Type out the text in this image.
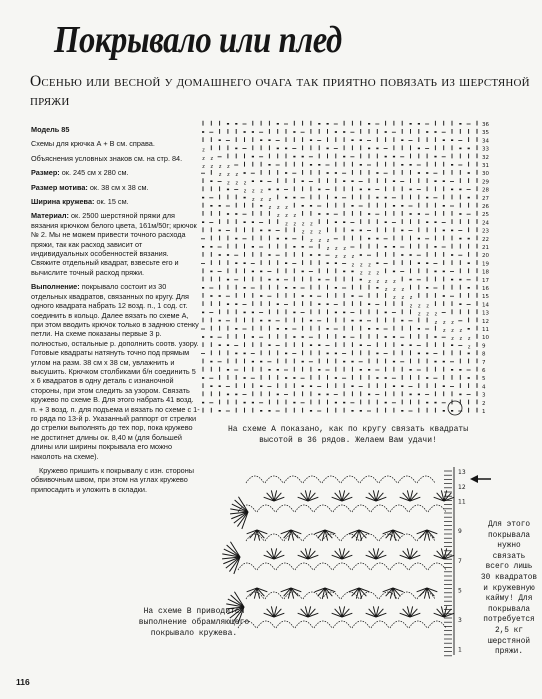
Покрывало или плед
Осенью или весной у домашнего очага так приятно повязать из шерстяной пряжи

Модель 85

Схемы для крючка А + В см. справа.

Объяснения условных знаков см. на стр. 84.

Размер: ок. 245 см х 280 см.

Размер мотива: ок. 38 см х 38 см.

Ширина кружева: ок. 15 см.

Материал: ок. 2500 шерстяной пряжи для вязания крючком белого цвета, 161м/50г; крючок № 2. Мы не можем привести точного расхода пряжи, так как расход зависит от индивидуальных особенностей вязания. Свяжите отдельный квадрат, взвесьте его и вычислите точный расход пряжи.

Выполнение: покрывало состоит из 30 отдельных квадратов, связанных по кругу. Для одного квадрата набрать 12 возд. п., 1 сод. ст. соединить в кольцо. Далее вязать по схеме А, при этом вводить крючок только в заднюю стенку петли. На схеме показаны первые 3 р. полностью, остальные р. дополнить соотв. узору. Готовые квадраты натянуть точно под прямым углом на разм. 38 см х 38 см, увлажнить и высушить. Крючком столбиками б/н соединить 5 х 6 квадратов в одну деталь с изнаночной стороны, при этом следить за узором. Связать кружево по схеме В. Для этого набрать 41 возд. п. + 3 возд. п. для подъема и вязать по схеме с 1-го ряда по 13-й р. Указанный раппорт от стрелки до стрелки выполнять до тех пор, пока кружево не достигнет длины ок. 8,40 м (для большей длины или ширины покрывала его можно наколоть на схеме).

Кружево пришить к покрывалу с изн. стороны обвивочным швом, при этом на углах кружево припосадить и уложить в складки.

z
z z
z z z z
z z z
z z z
z z z
z z z
z z z
z z z
z z z z
z z z
z z z
z z z
z z z
z z z
z z z
z z z z
z z z
z z z
z z z
z z z
z z z
z z z
z z z
z
36
35
34
33
32
31
30
29
28
27
26
25
24
23
22
21
20
19
18
17
16
15
14
13
12
11
10
9
8
7
6
5
4
3
2
1
На схеме А показано, как по кругу связать квадраты высотой в 36 рядов. Желаем Вам удачи!
13
12
11
9
7
5
3
1
На схеме В приводится выполнение обрамляющего покрывало кружева.
Для этого покрывала нужно связать всего лишь 30 квадратов и кружевную кайму! Для покрывала потребуется 2,5 кг шерстяной пряжи.
116
